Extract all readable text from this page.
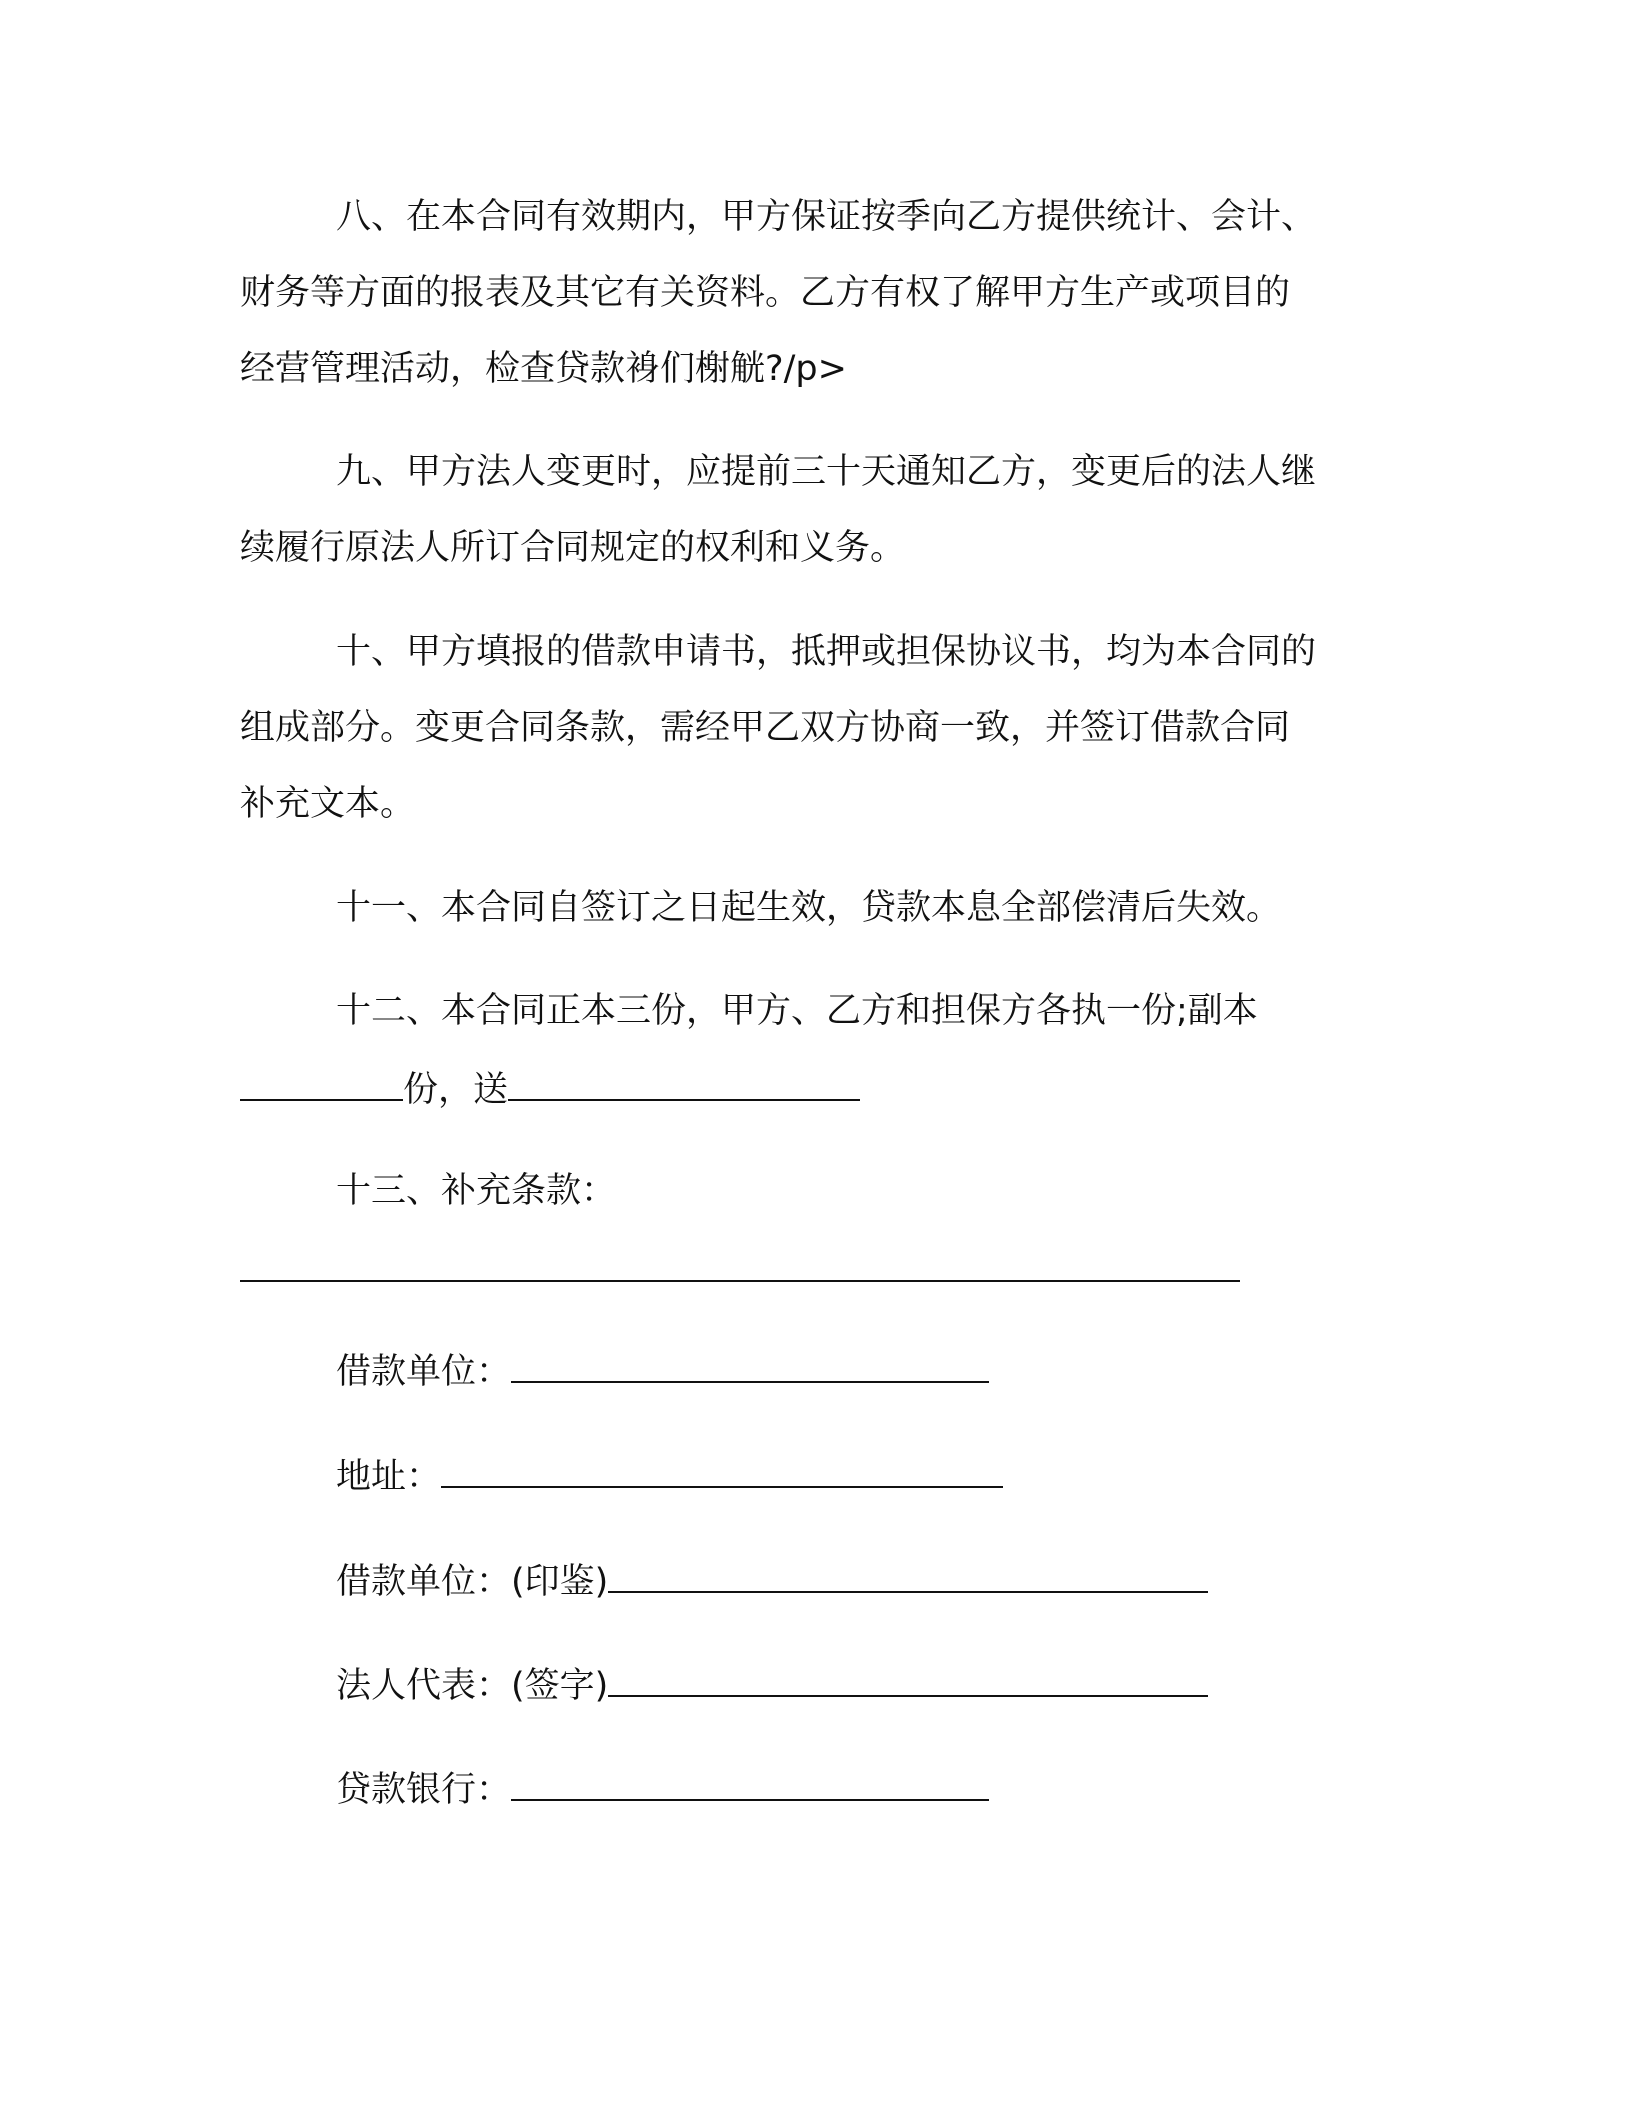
八、在本合同有效期内，甲方保证按季向乙方提供统计、会计、
财务等方面的报表及其它有关资料。乙方有权了解甲方生产或项目的
经营管理活动，检查贷款裑们榭觥?/p>
九、甲方法人变更时，应提前三十天通知乙方，变更后的法人继
续履行原法人所订合同规定的权利和义务。
十、甲方填报的借款申请书，抵押或担保协议书，均为本合同的
组成部分。变更合同条款，需经甲乙双方协商一致，并签订借款合同
补充文本。
十一、本合同自签订之日起生效，贷款本息全部偿清后失效。
十二、本合同正本三份，甲方、乙方和担保方各执一份;副本
份，送
十三、补充条款：
借款单位：
地址：
借款单位：(印鉴)
法人代表：(签字)
贷款银行：
